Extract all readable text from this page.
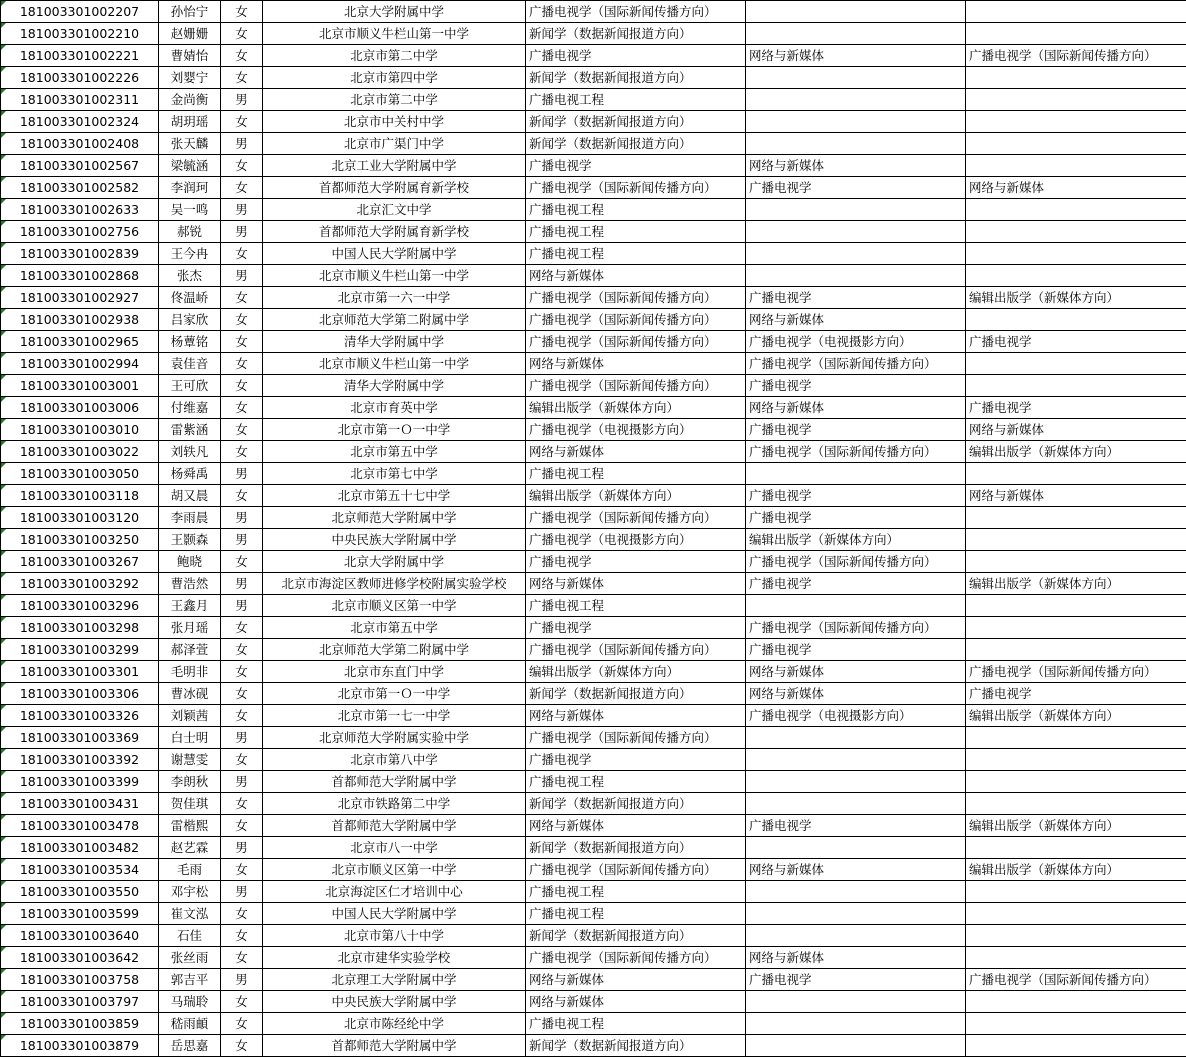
181003301002207	孙怡宁	女	北京大学附属中学	广播电视学（国际新闻传播方向）		
181003301002210	赵姗姗	女	北京市顺义牛栏山第一中学	新闻学（数据新闻报道方向）		
181003301002221	曹婧怡	女	北京市第二中学	广播电视学	网络与新媒体	广播电视学（国际新闻传播方向）
181003301002226	刘婴宁	女	北京市第四中学	新闻学（数据新闻报道方向）		
181003301002311	金尚衡	男	北京市第二中学	广播电视工程		
181003301002324	胡玥瑶	女	北京市中关村中学	新闻学（数据新闻报道方向）		
181003301002408	张天麟	男	北京市广渠门中学	新闻学（数据新闻报道方向）		
181003301002567	梁毓涵	女	北京工业大学附属中学	广播电视学	网络与新媒体	
181003301002582	李润珂	女	首都师范大学附属育新学校	广播电视学（国际新闻传播方向）	广播电视学	网络与新媒体
181003301002633	吴一鸣	男	北京汇文中学	广播电视工程		
181003301002756	郝锐	男	首都师范大学附属育新学校	广播电视工程		
181003301002839	王今冉	女	中国人民大学附属中学	广播电视工程		
181003301002868	张杰	男	北京市顺义牛栏山第一中学	网络与新媒体		
181003301002927	佟温峤	女	北京市第一六一中学	广播电视学（国际新闻传播方向）	广播电视学	编辑出版学（新媒体方向）
181003301002938	吕家欣	女	北京师范大学第二附属中学	广播电视学（国际新闻传播方向）	网络与新媒体	
181003301002965	杨蕈铭	女	清华大学附属中学	广播电视学（国际新闻传播方向）	广播电视学（电视摄影方向）	广播电视学
181003301002994	袁佳音	女	北京市顺义牛栏山第一中学	网络与新媒体	广播电视学（国际新闻传播方向）	
181003301003001	王可欣	女	清华大学附属中学	广播电视学（国际新闻传播方向）	广播电视学	
181003301003006	付维嘉	女	北京市育英中学	编辑出版学（新媒体方向）	网络与新媒体	广播电视学
181003301003010	雷紫涵	女	北京市第一Ｏ一中学	广播电视学（电视摄影方向）	广播电视学	网络与新媒体
181003301003022	刘轶凡	女	北京市第五中学	网络与新媒体	广播电视学（国际新闻传播方向）	编辑出版学（新媒体方向）
181003301003050	杨舜禹	男	北京市第七中学	广播电视工程		
181003301003118	胡又晨	女	北京市第五十七中学	编辑出版学（新媒体方向）	广播电视学	网络与新媒体
181003301003120	李雨晨	男	北京师范大学附属中学	广播电视学（国际新闻传播方向）	广播电视学	
181003301003250	王颢森	男	中央民族大学附属中学	广播电视学（电视摄影方向）	编辑出版学（新媒体方向）	
181003301003267	鲍晓	女	北京大学附属中学	广播电视学	广播电视学（国际新闻传播方向）	
181003301003292	曹浩然	男	北京市海淀区教师进修学校附属实验学校	网络与新媒体	广播电视学	编辑出版学（新媒体方向）
181003301003296	王鑫月	男	北京市顺义区第一中学	广播电视工程		
181003301003298	张月瑶	女	北京市第五中学	广播电视学	广播电视学（国际新闻传播方向）	
181003301003299	郝泽萱	女	北京师范大学第二附属中学	广播电视学（国际新闻传播方向）	广播电视学	
181003301003301	毛明非	女	北京市东直门中学	编辑出版学（新媒体方向）	网络与新媒体	广播电视学（国际新闻传播方向）
181003301003306	曹冰砚	女	北京市第一Ｏ一中学	新闻学（数据新闻报道方向）	网络与新媒体	广播电视学
181003301003326	刘颖茜	女	北京市第一七一中学	网络与新媒体	广播电视学（电视摄影方向）	编辑出版学（新媒体方向）
181003301003369	白士明	男	北京师范大学附属实验中学	广播电视学（国际新闻传播方向）		
181003301003392	谢慧雯	女	北京市第八中学	广播电视学		
181003301003399	李朗秋	男	首都师范大学附属中学	广播电视工程		
181003301003431	贺佳琪	女	北京市铁路第二中学	新闻学（数据新闻报道方向）		
181003301003478	雷楷熙	女	首都师范大学附属中学	网络与新媒体	广播电视学	编辑出版学（新媒体方向）
181003301003482	赵艺霖	男	北京市八一中学	新闻学（数据新闻报道方向）		
181003301003534	毛雨	女	北京市顺义区第一中学	广播电视学（国际新闻传播方向）	网络与新媒体	编辑出版学（新媒体方向）
181003301003550	邓宇松	男	北京海淀区仁才培训中心	广播电视工程		
181003301003599	崔文泓	女	中国人民大学附属中学	广播电视工程		
181003301003640	石佳	女	北京市第八十中学	新闻学（数据新闻报道方向）		
181003301003642	张丝雨	女	北京市建华实验学校	广播电视学（国际新闻传播方向）	网络与新媒体	
181003301003758	郭吉平	男	北京理工大学附属中学	网络与新媒体	广播电视学	广播电视学（国际新闻传播方向）
181003301003797	马瑞聆	女	中央民族大学附属中学	网络与新媒体		
181003301003859	嵇雨頔	女	北京市陈经纶中学	广播电视工程		
181003301003879	岳思嘉	女	首都师范大学附属中学	新闻学（数据新闻报道方向）		
